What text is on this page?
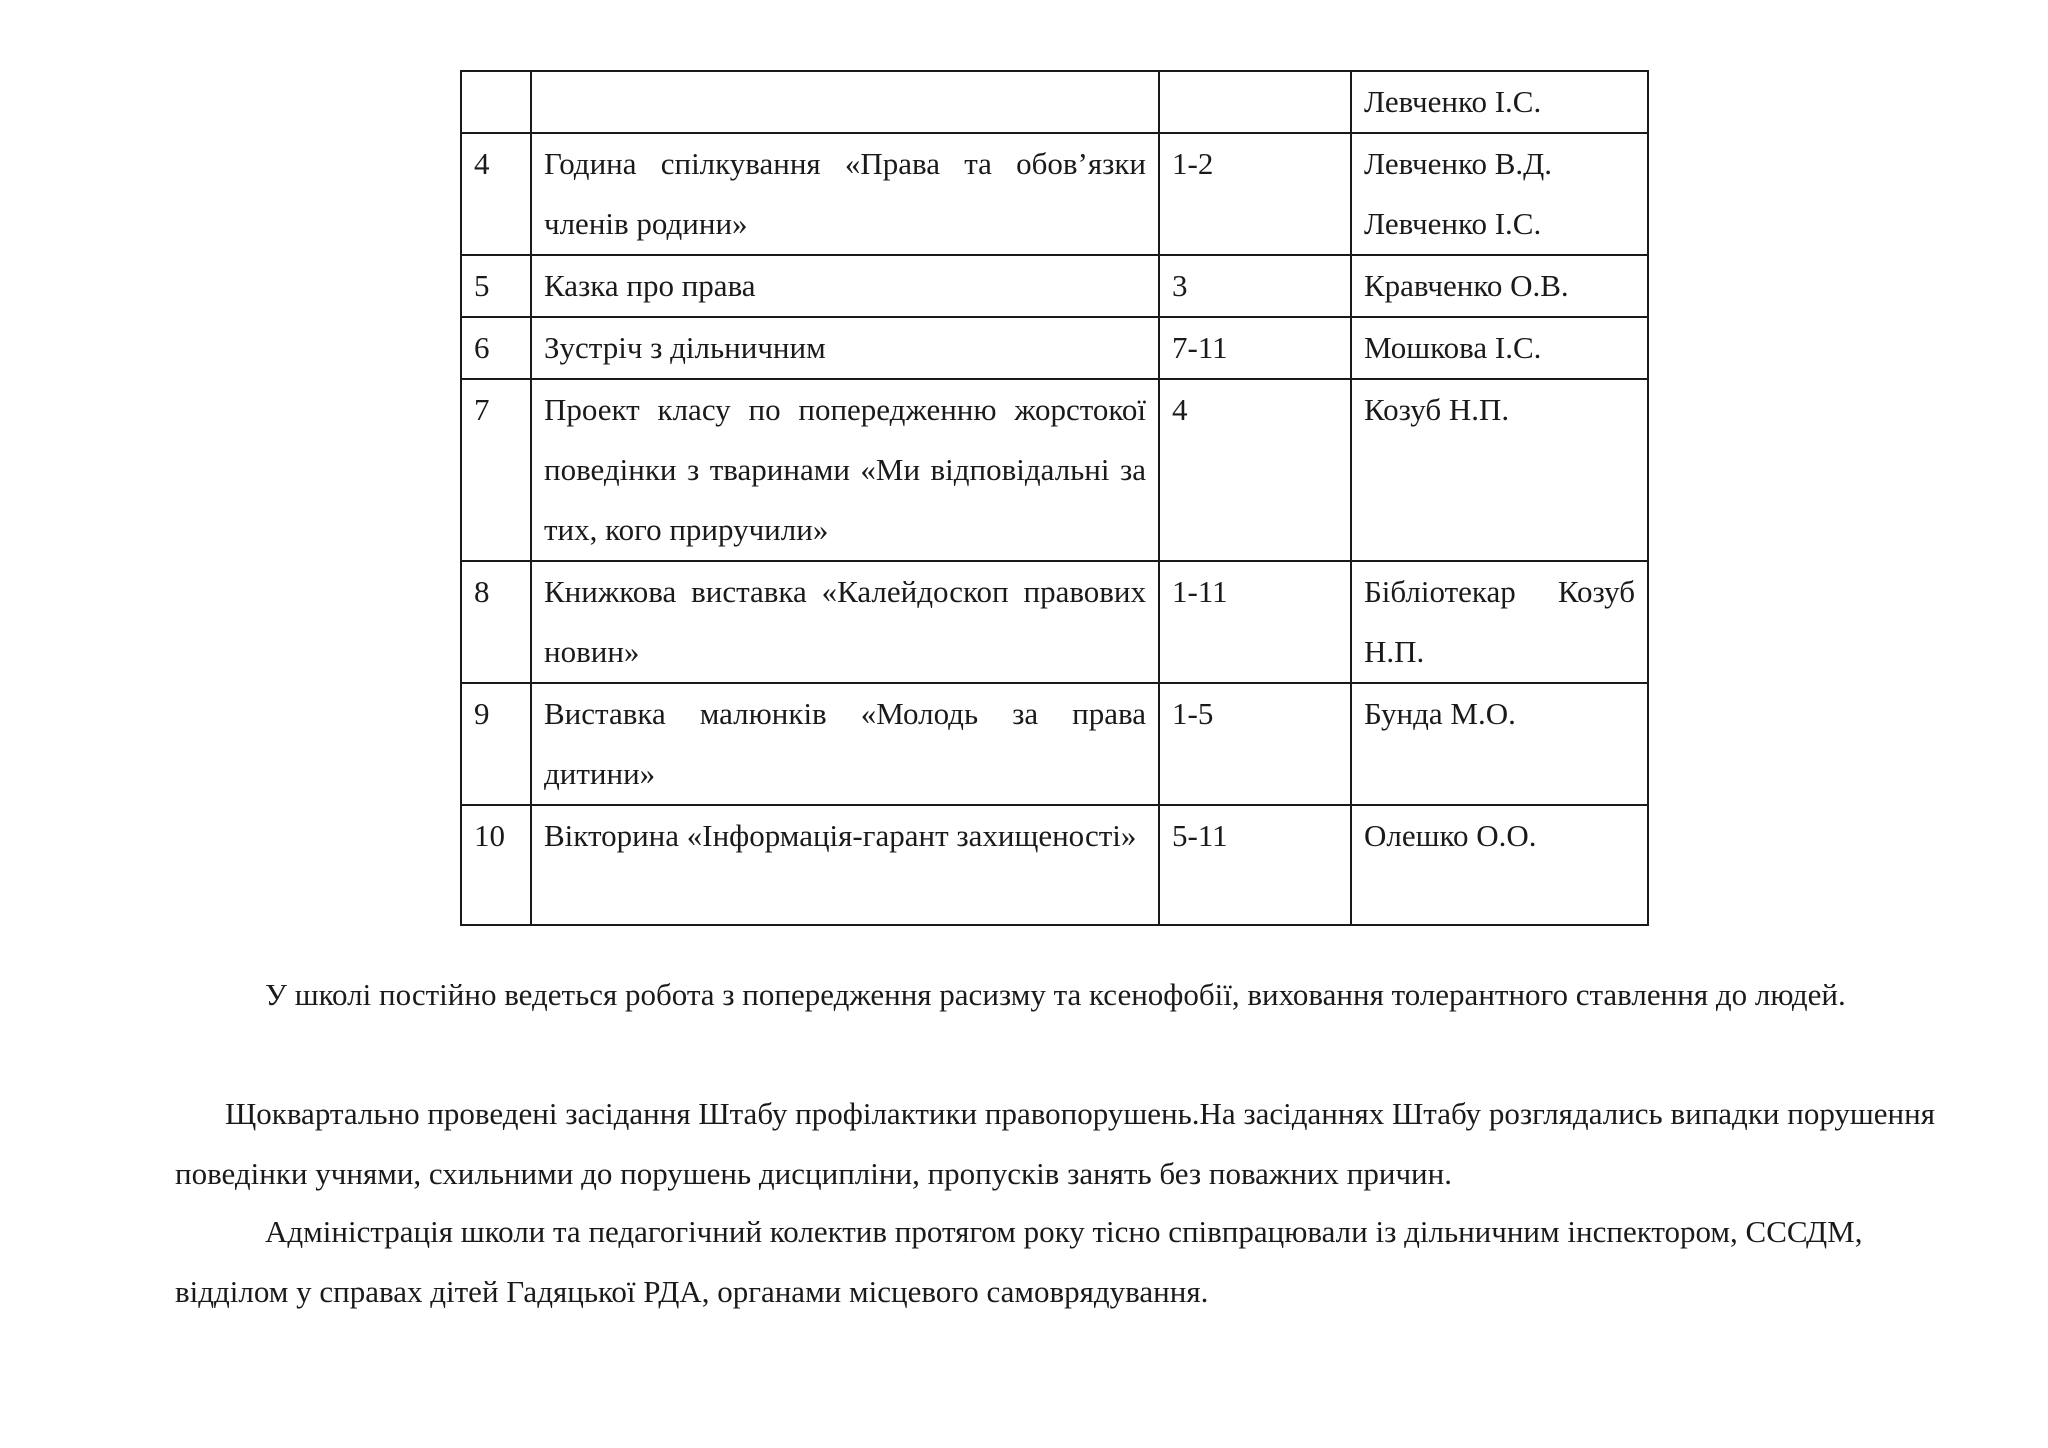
			Левченко І.С.
4	Година спілкування «Права та обов’язки членів родини»	1-2	Левченко В.Д.
Левченко І.С.
5	Казка про права	3	Кравченко О.В.
6	Зустріч з дільничним	7-11	Мошкова І.С.
7	Проект класу по попередженню жорстокої поведінки з тваринами «Ми відповідальні за тих, кого приручили»	4	Козуб Н.П.
8	Книжкова виставка «Калейдоскоп правових новин»	1-11	Бібліотекар Козуб Н.П.
9	Виставка малюнків «Молодь за права дитини»	1-5	Бунда М.О.
10	Вікторина «Інформація-гарант захищеності»	5-11	Олешко О.О.

У школі постійно ведеться робота з попередження расизму та ксенофобії, виховання толерантного ставлення до людей.

Щоквартально проведені засідання Штабу профілактики правопорушень.На засіданнях Штабу розглядались випадки порушення поведінки учнями, схильними до порушень дисципліни, пропусків занять без поважних причин.

Адміністрація школи та педагогічний колектив протягом року тісно співпрацювали із дільничним інспектором, СССДМ, відділом у справах дітей Гадяцької РДА, органами місцевого самоврядування.
